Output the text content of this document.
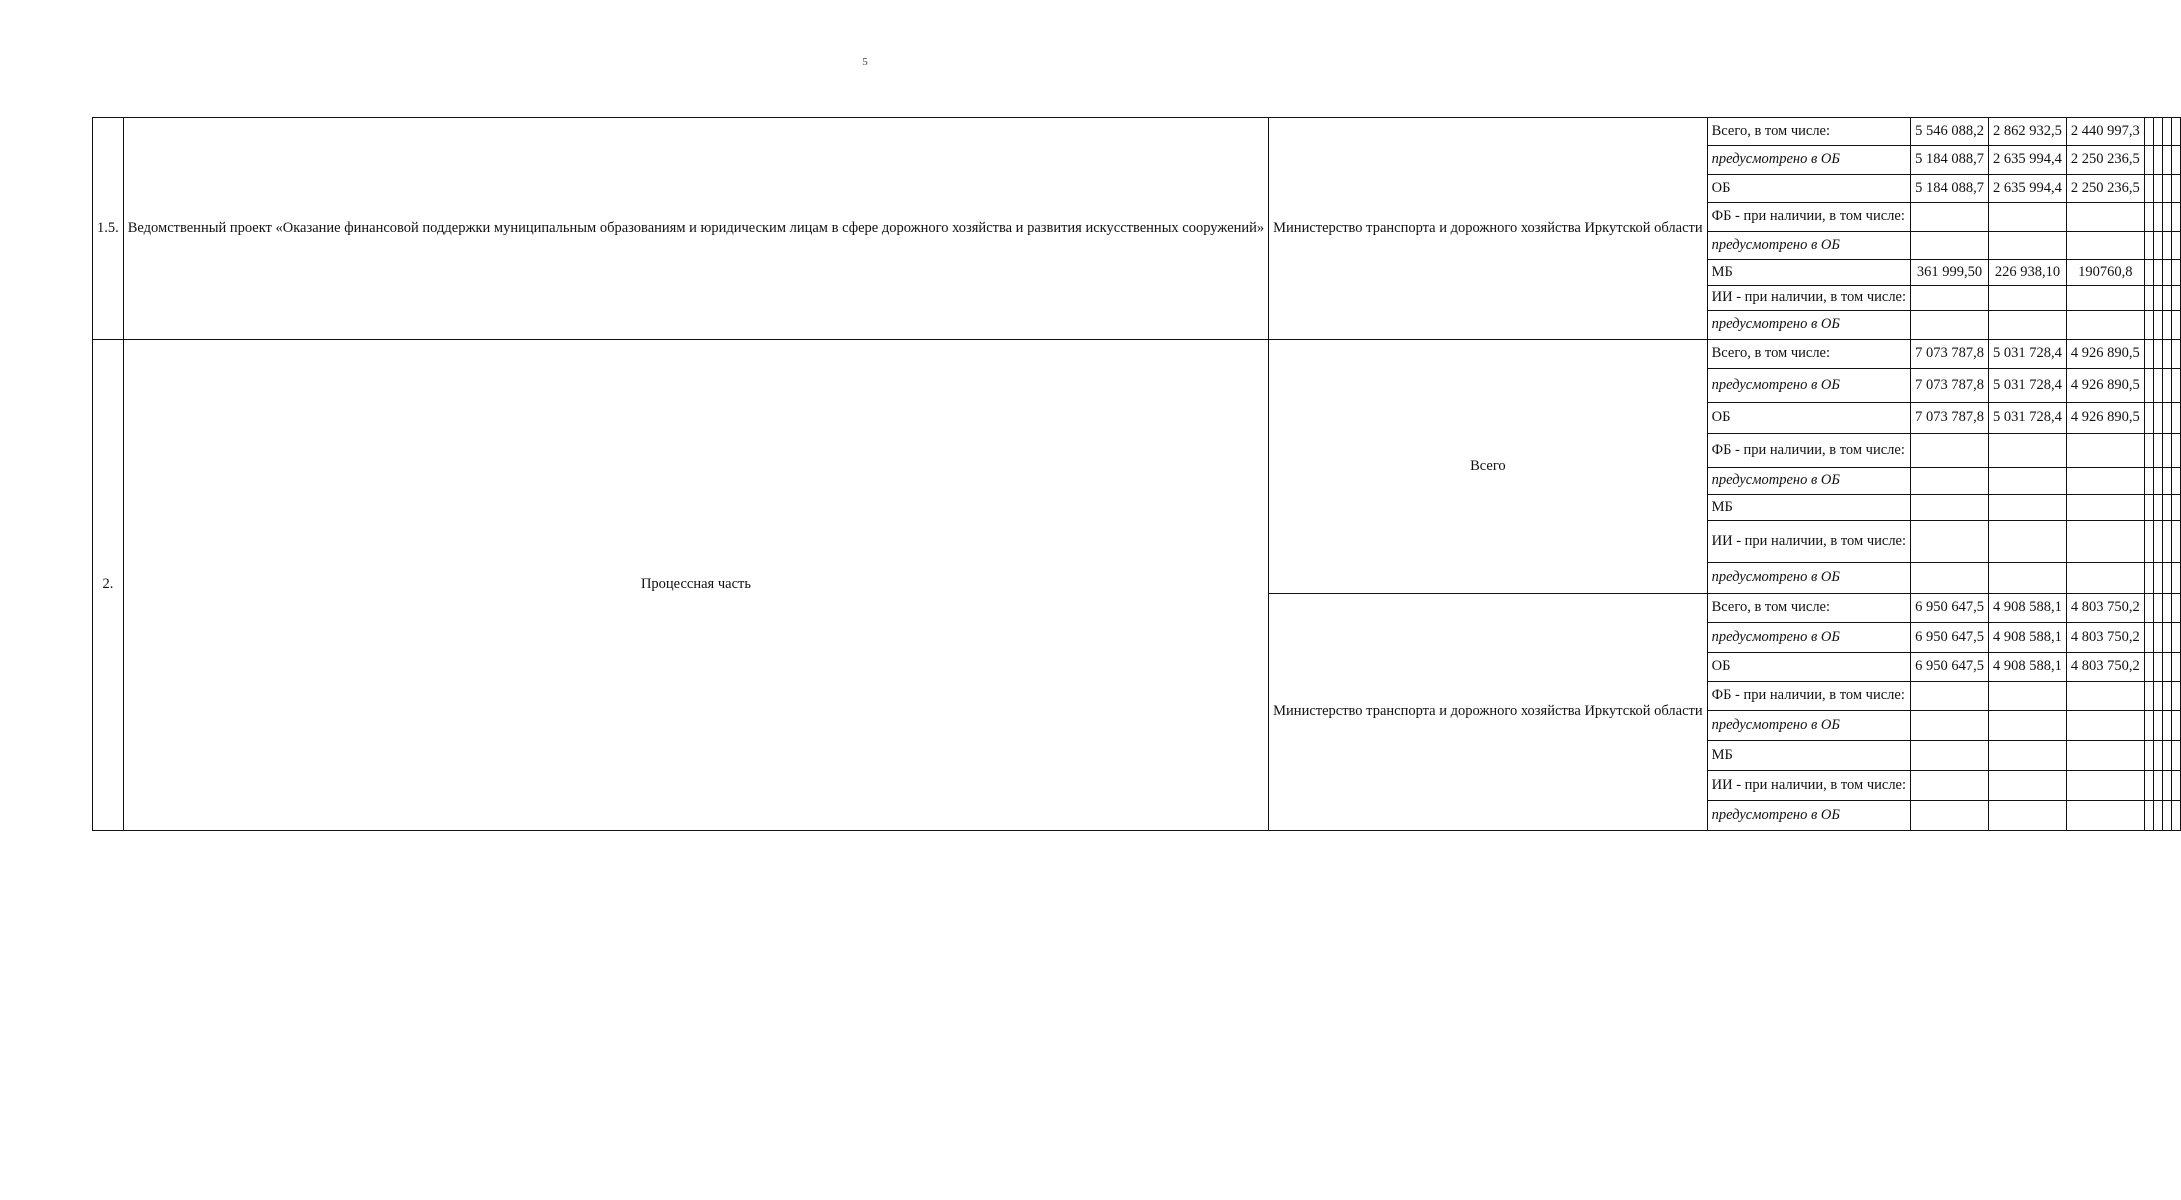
5
1.5.	Ведомственный проект «Оказание финансовой поддержки муниципальным образованиям и юридическим лицам в сфере дорожного хозяйства и развития искусственных сооружений»	Министерство транспорта и дорожного хозяйства Иркутской области	Всего, в том числе:	5 546 088,2	2 862 932,5	2 440 997,3				
			предусмотрено в ОБ	5 184 088,7	2 635 994,4	2 250 236,5				
			ОБ	5 184 088,7	2 635 994,4	2 250 236,5				
			ФБ - при наличии, в том числе:							
			предусмотрено в ОБ							
			МБ	361 999,50	226 938,10	190760,8				
			ИИ - при наличии, в том числе:							
			предусмотрено в ОБ							
2.	Процессная часть	Всего	Всего, в том числе:	7 073 787,8	5 031 728,4	4 926 890,5				
			предусмотрено в ОБ	7 073 787,8	5 031 728,4	4 926 890,5				
			ОБ	7 073 787,8	5 031 728,4	4 926 890,5				
			ФБ - при наличии, в том числе:							
			предусмотрено в ОБ							
			МБ							
			ИИ - при наличии, в том числе:							
			предусмотрено в ОБ							
		Министерство транспорта и дорожного хозяйства Иркутской области	Всего, в том числе:	6 950 647,5	4 908 588,1	4 803 750,2				
			предусмотрено в ОБ	6 950 647,5	4 908 588,1	4 803 750,2				
			ОБ	6 950 647,5	4 908 588,1	4 803 750,2				
			ФБ - при наличии, в том числе:							
			предусмотрено в ОБ							
			МБ							
			ИИ - при наличии, в том числе:							
			предусмотрено в ОБ							
